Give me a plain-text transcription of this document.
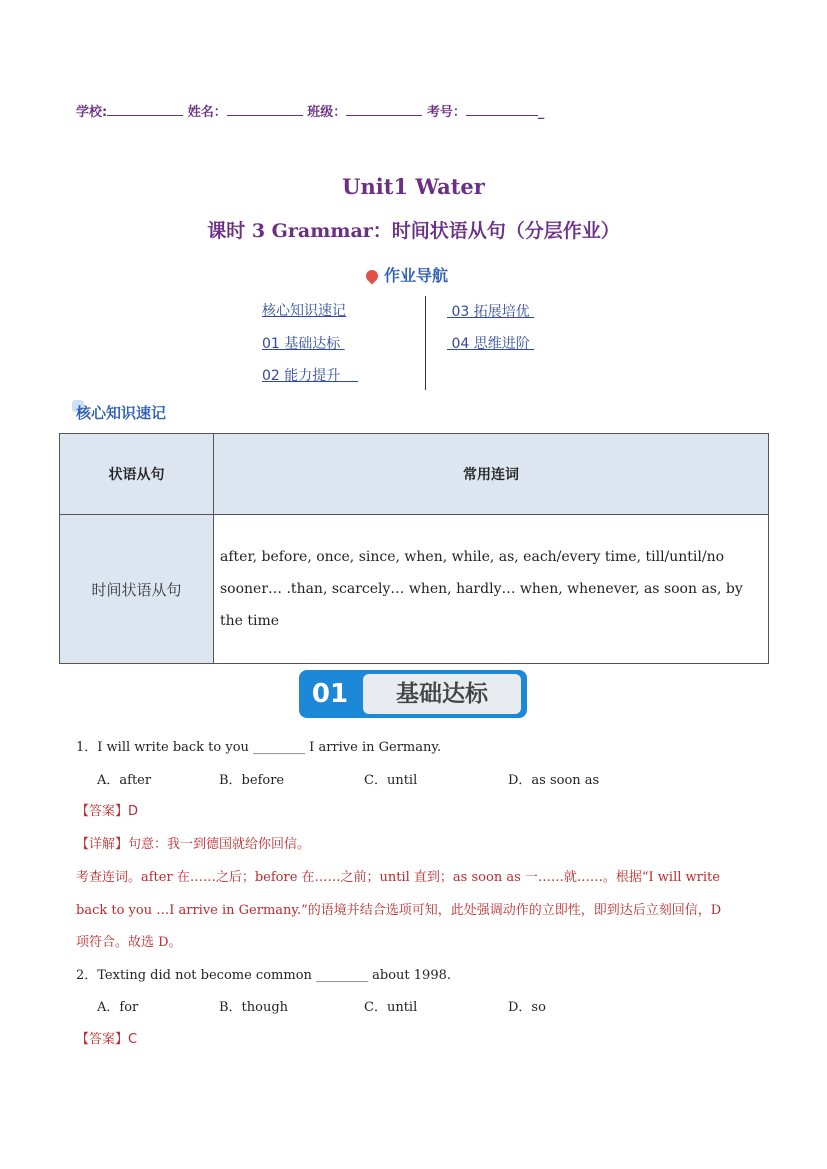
学校:	姓名：	班级：	考号：	_
Unit1 Water
课时 3 Grammar：时间状语从句（分层作业）
作业导航
核心知识速记
01 基础达标
02 能力提升
03 拓展培优
04 思维进阶
核心知识速记
状语从句	常用连词
时间状语从句	after, before, once, since, when, while, as, each/every time, till/until/no
sooner… .than, scarcely… when, hardly… when, whenever, as soon as, by
the time
01	基础达标
1．I will write back to you ________ I arrive in Germany.
A．after	B．before	C．until	D．as soon as
【答案】D
【详解】句意：我一到德国就给你回信。
考查连词。after 在……之后；before 在……之前；until 直到；as soon as 一……就……。根据“I will write
back to you …I arrive in Germany.”的语境并结合选项可知，此处强调动作的立即性，即到达后立刻回信，D
项符合。故选 D。
2．Texting did not become common ________ about 1998.
A．for	B．though	C．until	D．so
【答案】C
